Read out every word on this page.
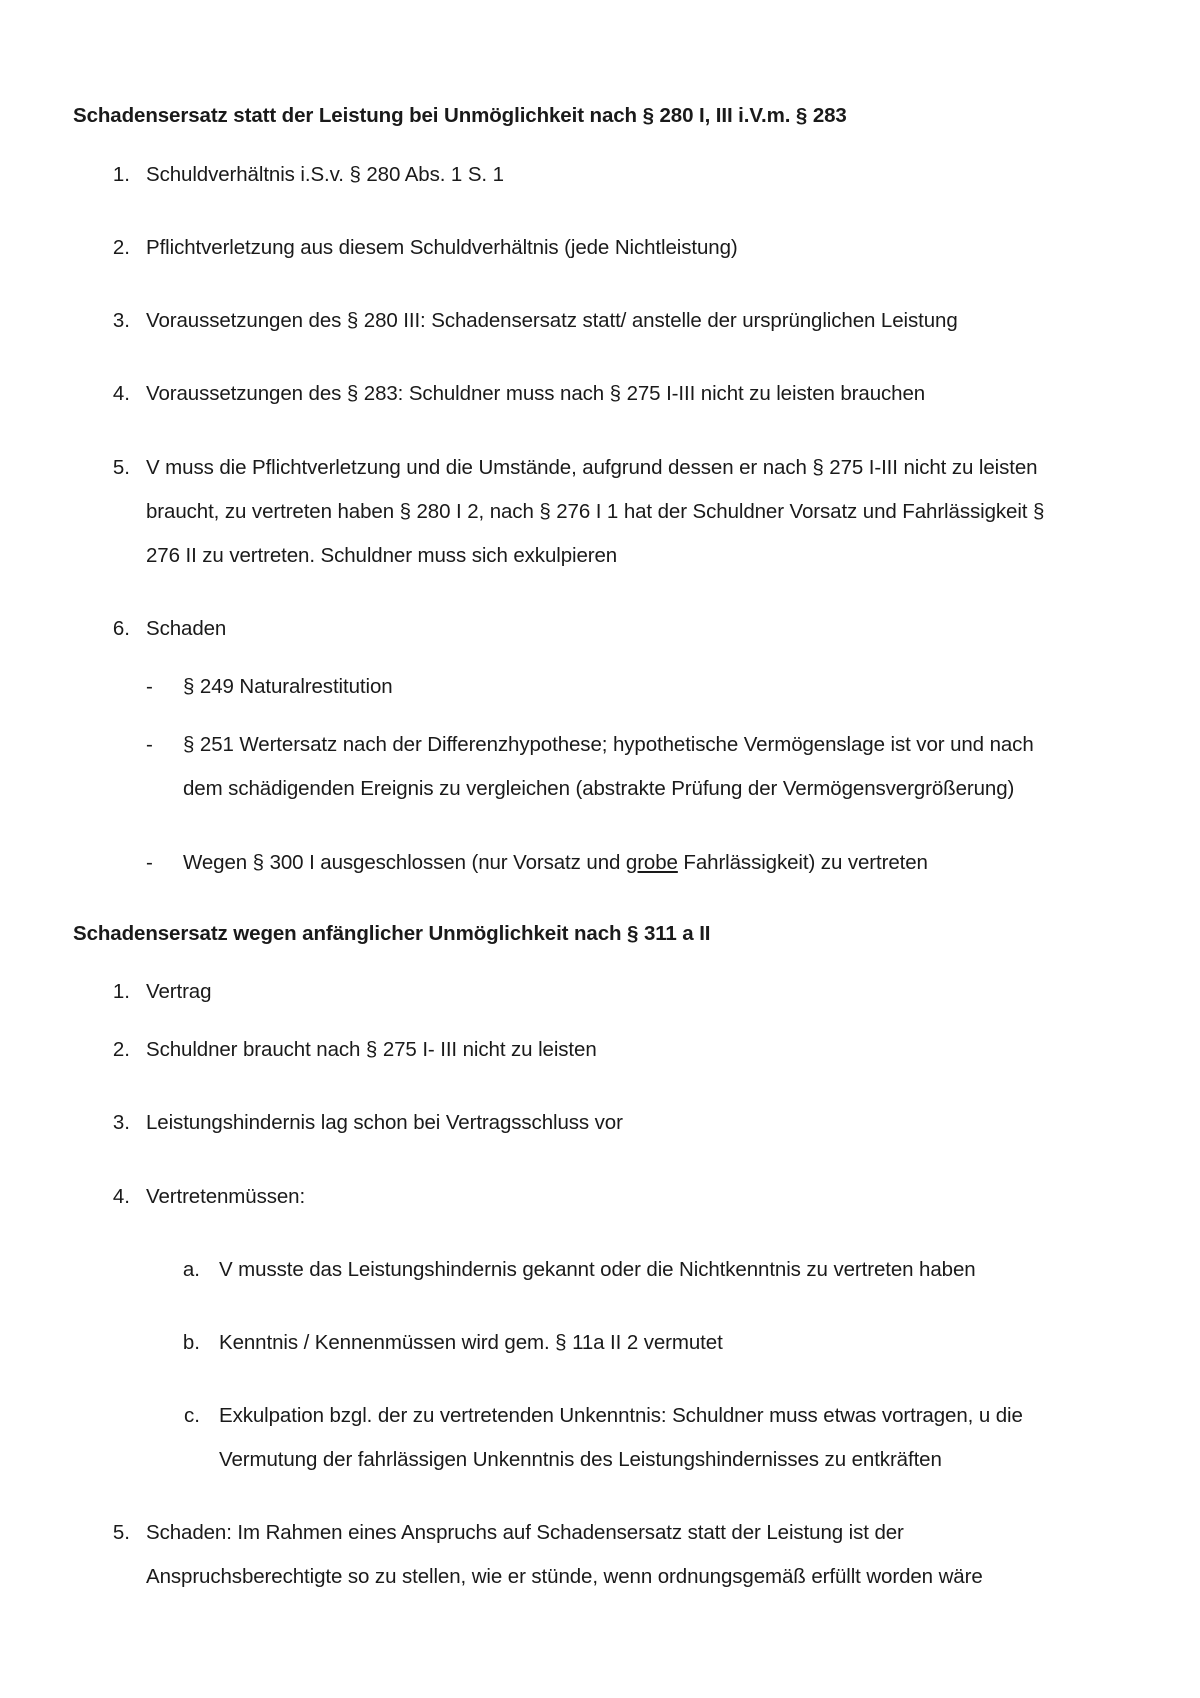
Schadensersatz statt der Leistung bei Unmöglichkeit nach § 280 I, III i.V.m. § 283
1. Schuldverhältnis i.S.v. § 280 Abs. 1 S. 1
2. Pflichtverletzung aus diesem Schuldverhältnis (jede Nichtleistung)
3. Voraussetzungen des § 280 III: Schadensersatz statt/ anstelle der ursprünglichen Leistung
4. Voraussetzungen des § 283: Schuldner muss nach § 275 I-III nicht zu leisten brauchen
5. V muss die Pflichtverletzung und die Umstände, aufgrund dessen er nach § 275 I-III nicht zu leisten
braucht, zu vertreten haben § 280 I 2, nach § 276 I 1 hat der Schuldner Vorsatz und Fahrlässigkeit §
276 II zu vertreten. Schuldner muss sich exkulpieren
6. Schaden
- § 249 Naturalrestitution
- § 251 Wertersatz nach der Differenzhypothese; hypothetische Vermögenslage ist vor und nach
dem schädigenden Ereignis zu vergleichen (abstrakte Prüfung der Vermögensvergrößerung)
- Wegen § 300 I ausgeschlossen (nur Vorsatz und grobe Fahrlässigkeit) zu vertreten
Schadensersatz wegen anfänglicher Unmöglichkeit nach § 311 a II
1. Vertrag
2. Schuldner braucht nach § 275 I- III nicht zu leisten
3. Leistungshindernis lag schon bei Vertragsschluss vor
4. Vertretenmüssen:
a. V musste das Leistungshindernis gekannt oder die Nichtkenntnis zu vertreten haben
b. Kenntnis / Kennenmüssen wird gem. § 11a II 2 vermutet
c. Exkulpation bzgl. der zu vertretenden Unkenntnis: Schuldner muss etwas vortragen, u die
Vermutung der fahrlässigen Unkenntnis des Leistungshindernisses zu entkräften
5. Schaden: Im Rahmen eines Anspruchs auf Schadensersatz statt der Leistung ist der
Anspruchsberechtigte so zu stellen, wie er stünde, wenn ordnungsgemäß erfüllt worden wäre
